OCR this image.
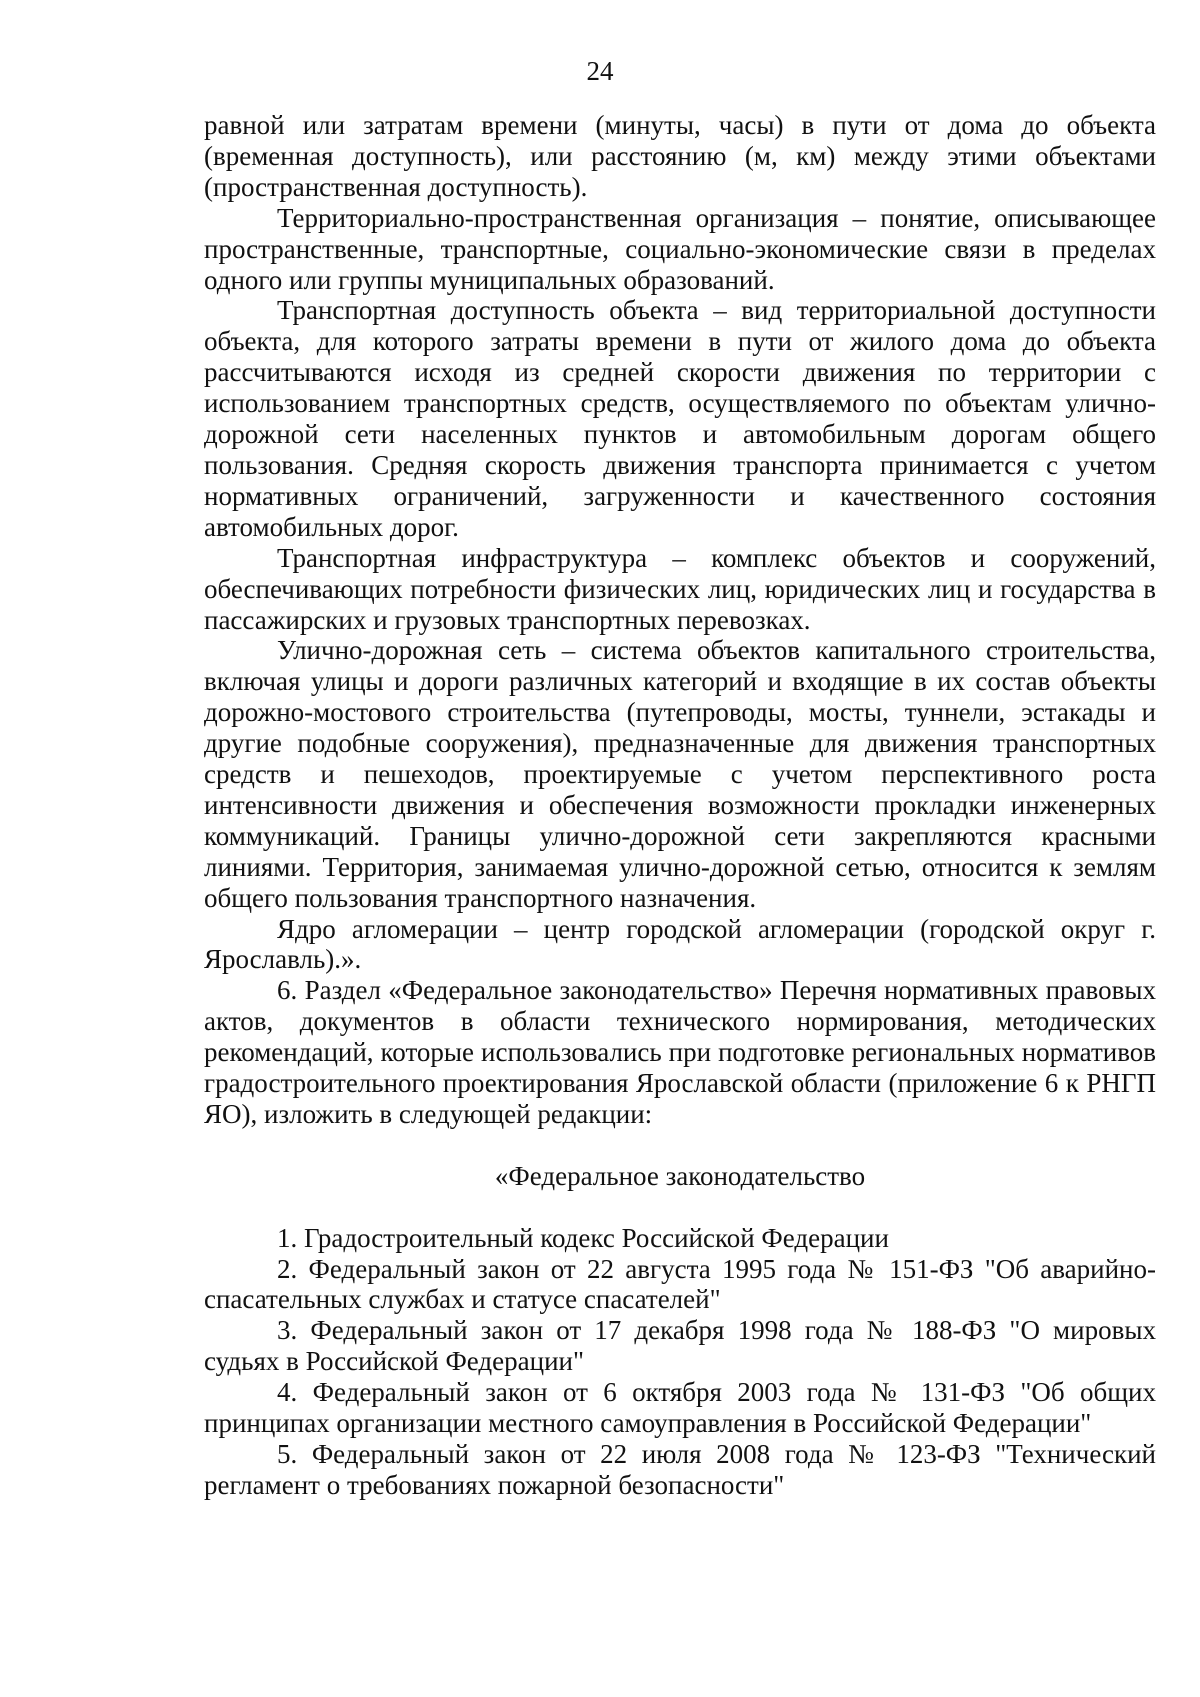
24

равной или затратам времени (минуты, часы) в пути от дома до объекта (временная доступность), или расстоянию (м, км) между этими объектами (пространственная доступность).

Территориально-пространственная организация – понятие, описывающее пространственные, транспортные, социально-экономические связи в пределах одного или группы муниципальных образований.

Транспортная доступность объекта – вид территориальной доступности объекта, для которого затраты времени в пути от жилого дома до объекта рассчитываются исходя из средней скорости движения по территории с использованием транспортных средств, осуществляемого по объектам улично-дорожной сети населенных пунктов и автомобильным дорогам общего пользования. Средняя скорость движения транспорта принимается с учетом нормативных ограничений, загруженности и качественного состояния автомобильных дорог.

Транспортная инфраструктура – комплекс объектов и сооружений, обеспечивающих потребности физических лиц, юридических лиц и государства в пассажирских и грузовых транспортных перевозках.

Улично-дорожная сеть – система объектов капитального строительства, включая улицы и дороги различных категорий и входящие в их состав объекты дорожно-мостового строительства (путепроводы, мосты, туннели, эстакады и другие подобные сооружения), предназначенные для движения транспортных средств и пешеходов, проектируемые с учетом перспективного роста интенсивности движения и обеспечения возможности прокладки инженерных коммуникаций. Границы улично-дорожной сети закрепляются красными линиями. Территория, занимаемая улично-дорожной сетью, относится к землям общего пользования транспортного назначения.

Ядро агломерации – центр городской агломерации (городской округ г. Ярославль).».

6. Раздел «Федеральное законодательство» Перечня нормативных правовых актов, документов в области технического нормирования, методических рекомендаций, которые использовались при подготовке региональных нормативов градостроительного проектирования Ярославской области (приложение 6 к РНГП ЯО), изложить в следующей редакции:

«Федеральное законодательство

1. Градостроительный кодекс Российской Федерации

2. Федеральный закон от 22 августа 1995 года № 151-ФЗ "Об аварийно-спасательных службах и статусе спасателей"

3. Федеральный закон от 17 декабря 1998 года № 188-ФЗ "О мировых судьях в Российской Федерации"

4. Федеральный закон от 6 октября 2003 года № 131-ФЗ "Об общих принципах организации местного самоуправления в Российской Федерации"

5. Федеральный закон от 22 июля 2008 года № 123-ФЗ "Технический регламент о требованиях пожарной безопасности"
